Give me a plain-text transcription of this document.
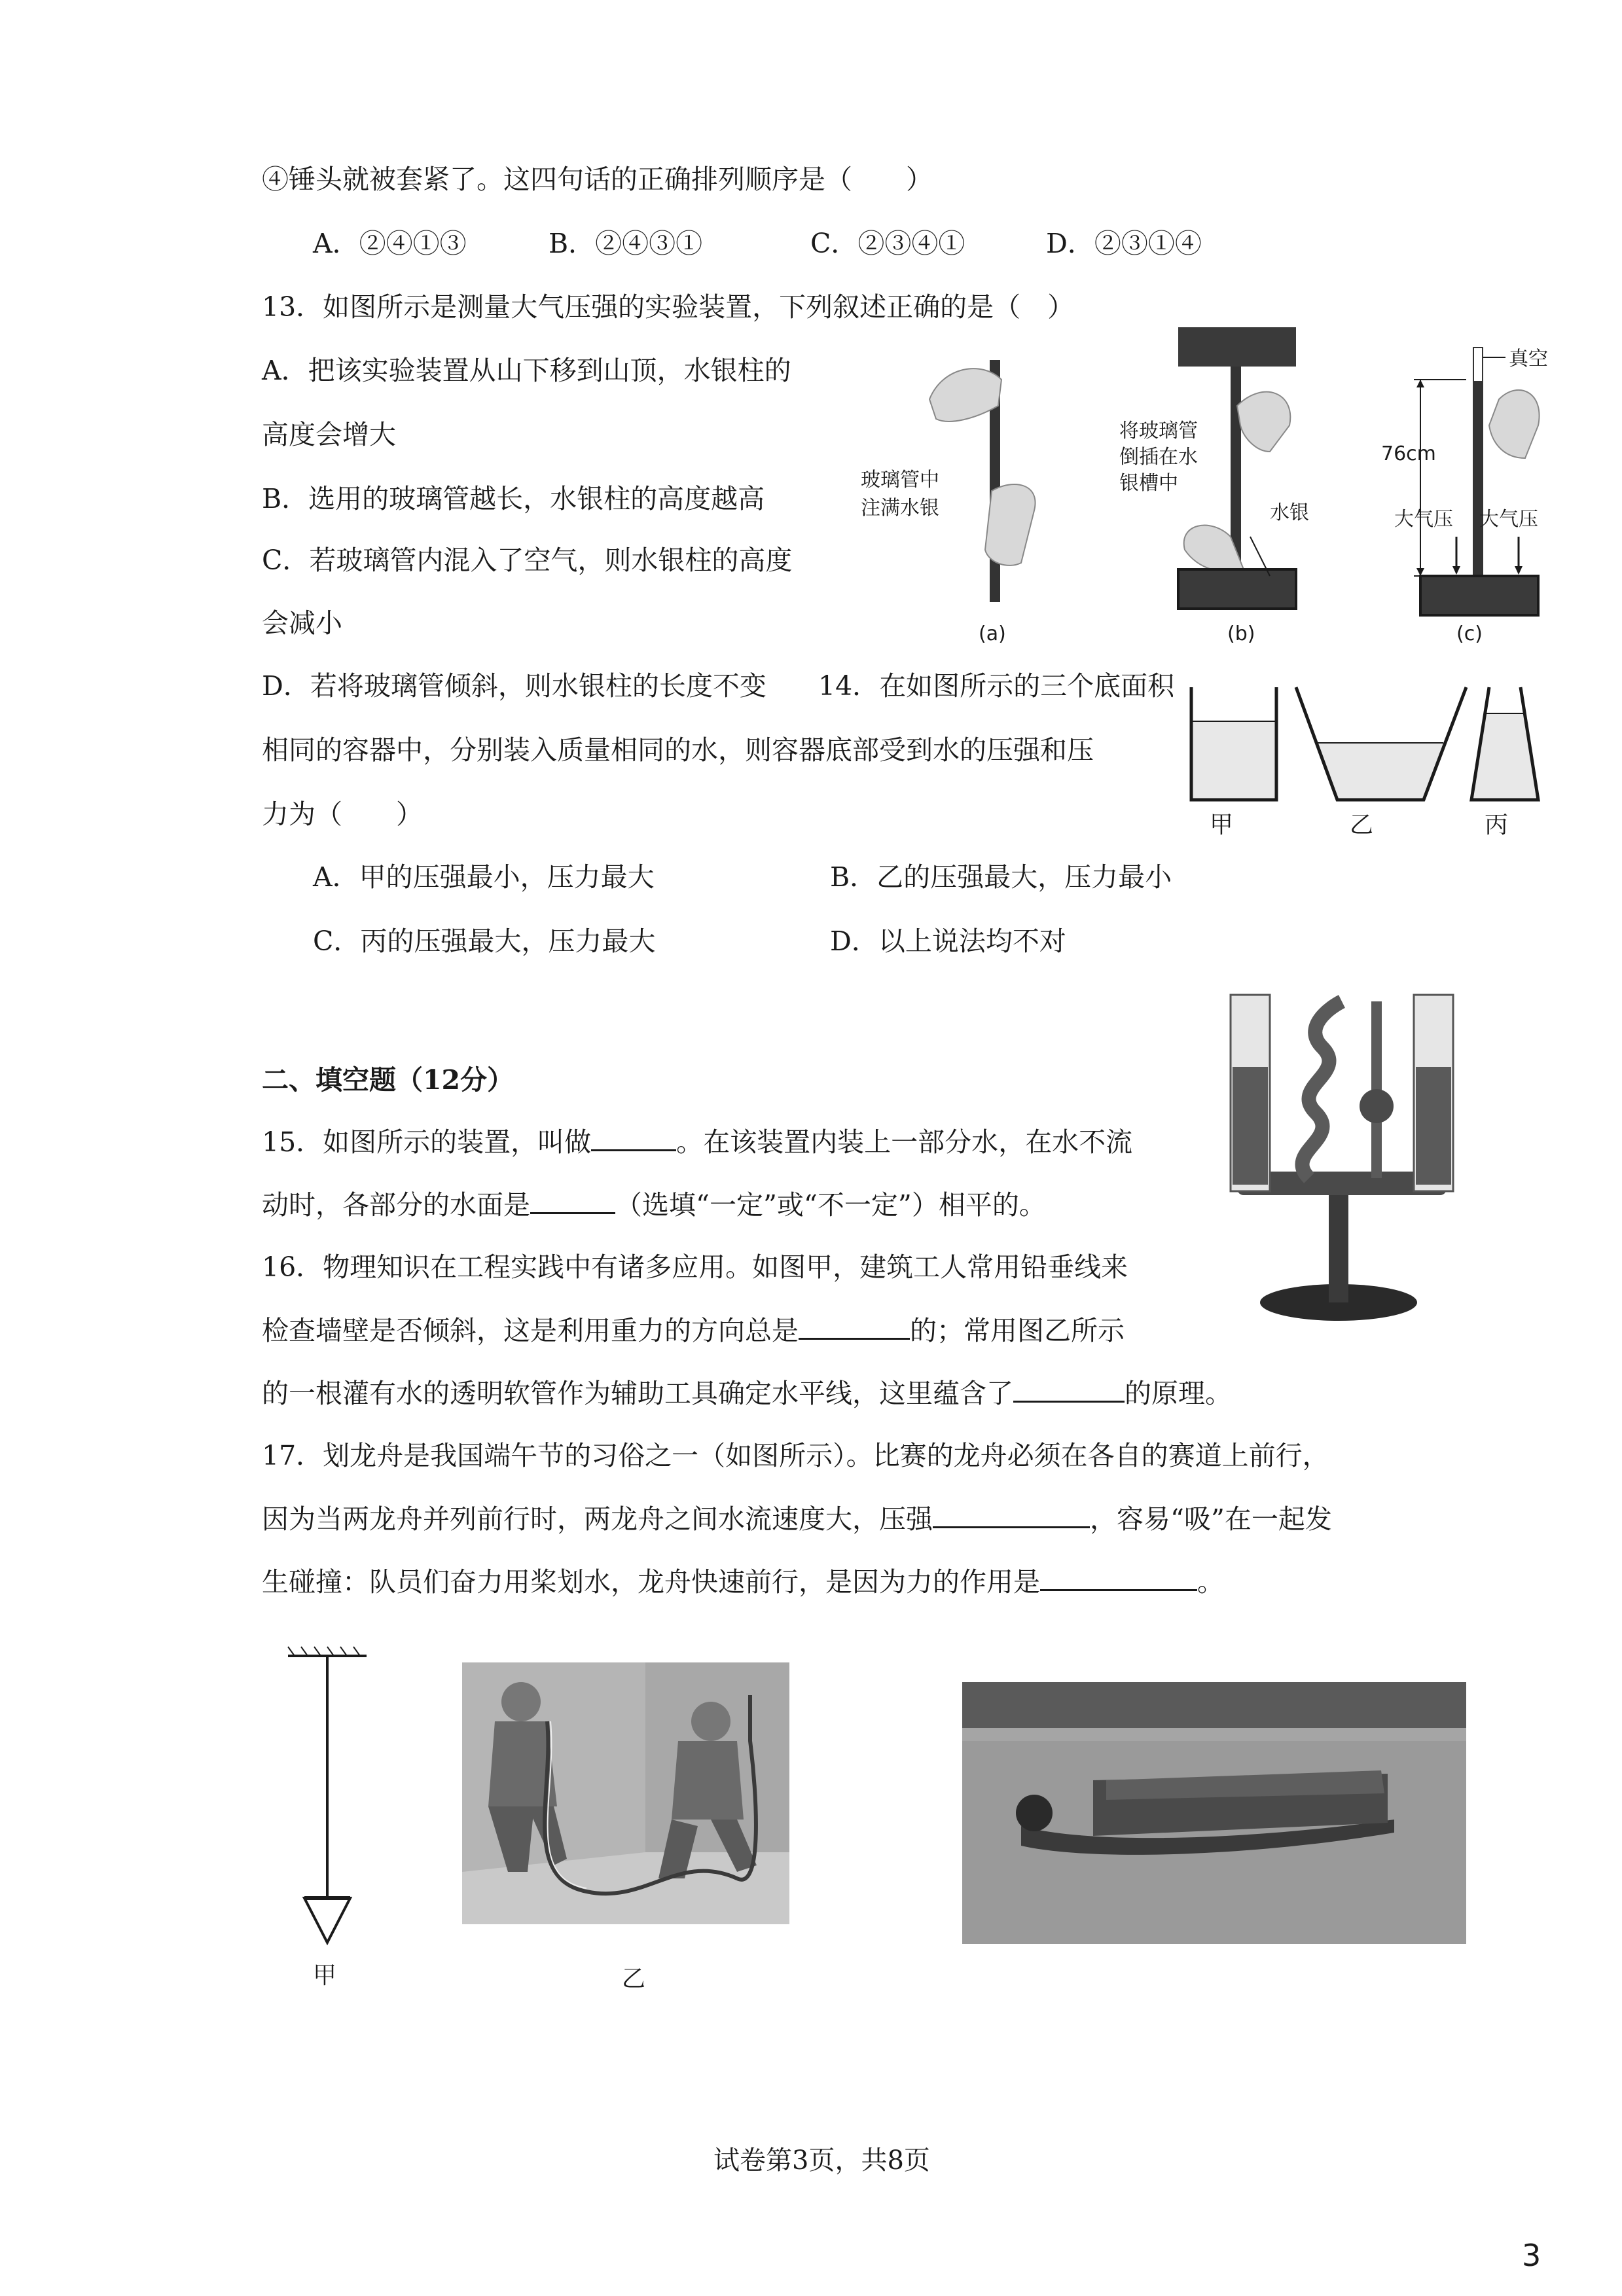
④锤头就被套紧了。这四句话的正确排列顺序是（　　）
A．②④①③	B．②④③①	C．②③④①	D．②③①④
13．如图所示是测量大气压强的实验装置，下列叙述正确的是（　）
A．把该实验装置从山下移到山顶，水银柱的
高度会增大
B．选用的玻璃管越长，水银柱的高度越高
C．若玻璃管内混入了空气，则水银柱的高度
会减小
D．若将玻璃管倾斜，则水银柱的长度不变
玻璃管中
注满水银
将玻璃管
倒插在水
银槽中
水银
真空
76cm
大气压 大气压
(a)	(b)	(c)
14．在如图所示的三个底面积
相同的容器中，分别装入质量相同的水，则容器底部受到水的压强和压
力为（　　）	甲	乙	丙
A．甲的压强最小，压力最大	B．乙的压强最大，压力最小
C．丙的压强最大，压力最大	D．以上说法均不对
二、填空题（12分）
15．如图所示的装置，叫做	。在该装置内装上一部分水，在水不流
动时，各部分的水面是	（选填“一定”或“不一定”）相平的。
16．物理知识在工程实践中有诸多应用。如图甲，建筑工人常用铅垂线来
检查墙壁是否倾斜，这是利用重力的方向总是	的；常用图乙所示
的一根灌有水的透明软管作为辅助工具确定水平线，这里蕴含了	的原理。
17．划龙舟是我国端午节的习俗之一（如图所示）。比赛的龙舟必须在各自的赛道上前行，
因为当两龙舟并列前行时，两龙舟之间水流速度大，压强	，容易“吸”在一起发
生碰撞：队员们奋力用桨划水，龙舟快速前行，是因为力的作用是	。
甲	乙
试卷第3页，共8页
3
